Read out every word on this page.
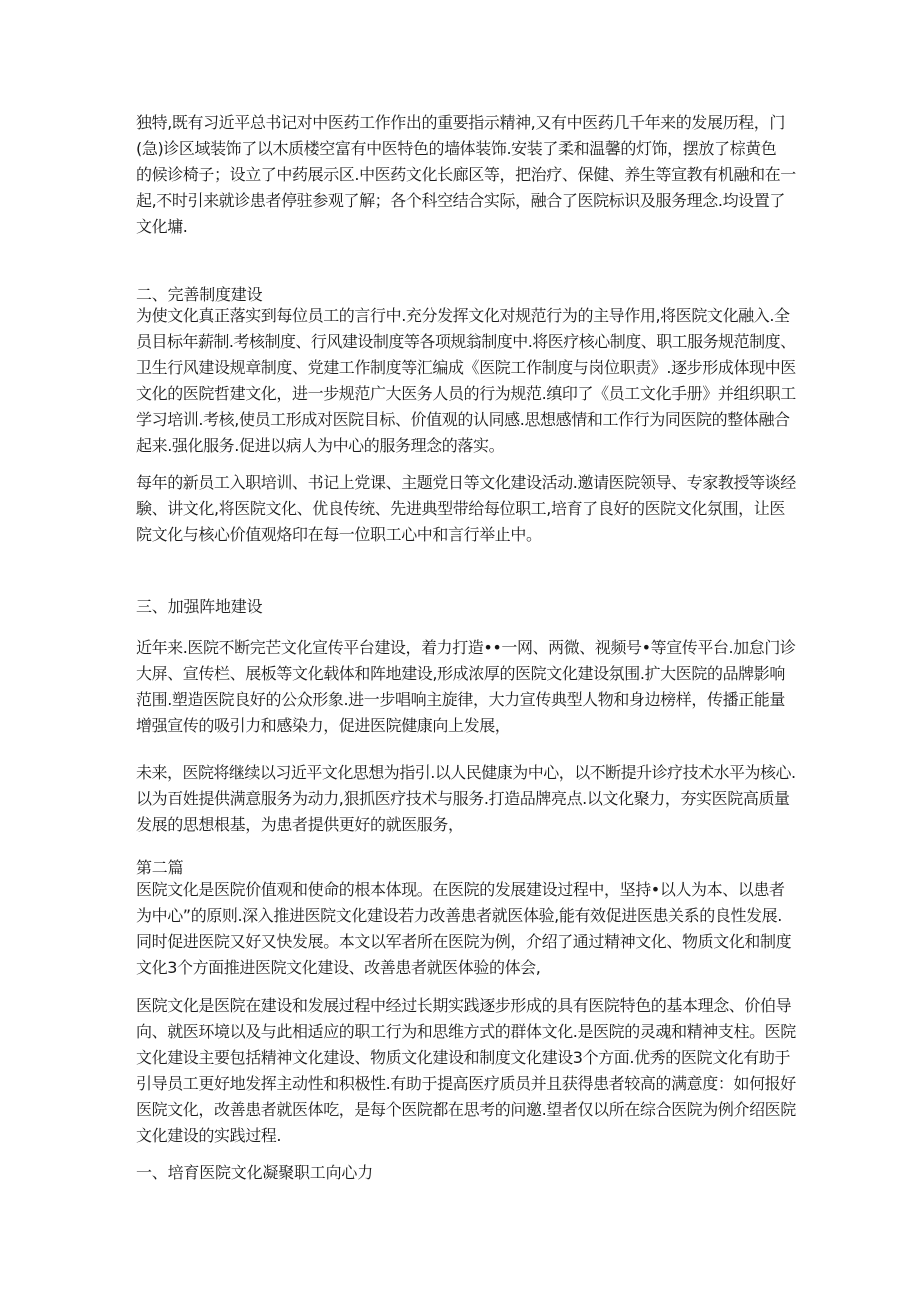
独特,既有习近平总书记对中医药工作作出的重要指示精神,又有中医药几千年来的发展历程，门
(急)诊区域装饰了以木质楼空富有中医特色的墙体装饰.安装了柔和温馨的灯饰，摆放了棕黄色
的候诊椅子；设立了中药展示区.中医药文化长廊区等，把治疗、保健、养生等宣教有机融和在一
起,不时引来就诊患者停驻参观了解；各个科空结合实际，融合了医院标识及服务理念.均设置了
文化墉.
二、完善制度建设
为使文化真正落实到每位员工的言行中.充分发挥文化对规范行为的主导作用,将医院文化融入.全
员目标年薪制.考核制度、行风建设制度等各项规翁制度中.将医疗核心制度、职工服务规范制度、
卫生行风建设规章制度、党建工作制度等汇编成《医院工作制度与岗位职责》.逐步形成体现中医
文化的医院哲建文化，进一步规范广大医务人员的行为规范.缜印了《员工文化手册》并组织职工
学习培训.考核,使员工形成对医院目标、价值观的认同感.思想感情和工作行为同医院的整体融合
起来.强化服务.促进以病人为中心的服务理念的落实。
每年的新员工入职培训、书记上党课、主题党日等文化建设活动.邀请医院领导、专家教授等谈经
験、讲文化,将医院文化、优良传统、先进典型带给每位职工,培育了良好的医院文化氛围，让医
院文化与核心价值观烙印在每一位职工心中和言行举止中。
三、加强阵地建设
近年来.医院不断完芒文化宣传平台建设，着力打造••一网、两微、视频号•等宣传平台.加怠门诊
大屏、宣传栏、展板等文化载体和阵地建设,形成浓厚的医院文化建设氛围.扩大医院的品牌影响
范围.塑造医院良好的公众形象.进一步唱响主旋律，大力宣传典型人物和身边榜样，传播正能量
增强宣传的吸引力和感染力，促进医院健康向上发展，
未来，医院将继续以习近平文化思想为指引.以人民健康为中心，以不断提升诊疗技术水平为核心.
以为百姓提供满意服务为动力,狠抓医疗技术与服务.打造品牌亮点.以文化聚力，夯实医院高质量
发展的思想根基，为患者提供更好的就医服务，
第二篇
医院文化是医院价值观和使命的根本体现。在医院的发展建设过程中，坚持•以人为本、以患者
为中心”的原则.深入推进医院文化建设若力改善患者就医体验,能有效促进医患关系的良性发展.
同时促进医院又好又快发展。本文以军者所在医院为例，介绍了通过精神文化、物质文化和制度
文化3个方面推进医院文化建设、改善患者就医体验的体会,
医院文化是医院在建设和发展过程中经过长期实践逐步形成的具有医院特色的基本理念、价伯导
向、就医环境以及与此相适应的职工行为和思维方式的群体文化.是医院的灵魂和精神支柱。医院
文化建设主要包括精神文化建设、物质文化建设和制度文化建设3个方面.优秀的医院文化有助于
引导员工更好地发挥主动性和积极性.有助于提高医疗质员并且获得患者较高的满意度：如何报好
医院文化，改善患者就医体吃，是每个医院都在思考的问邀.望者仅以所在综合医院为例介绍医院
文化建设的实践过程.
一、培育医院文化凝聚职工向心力
